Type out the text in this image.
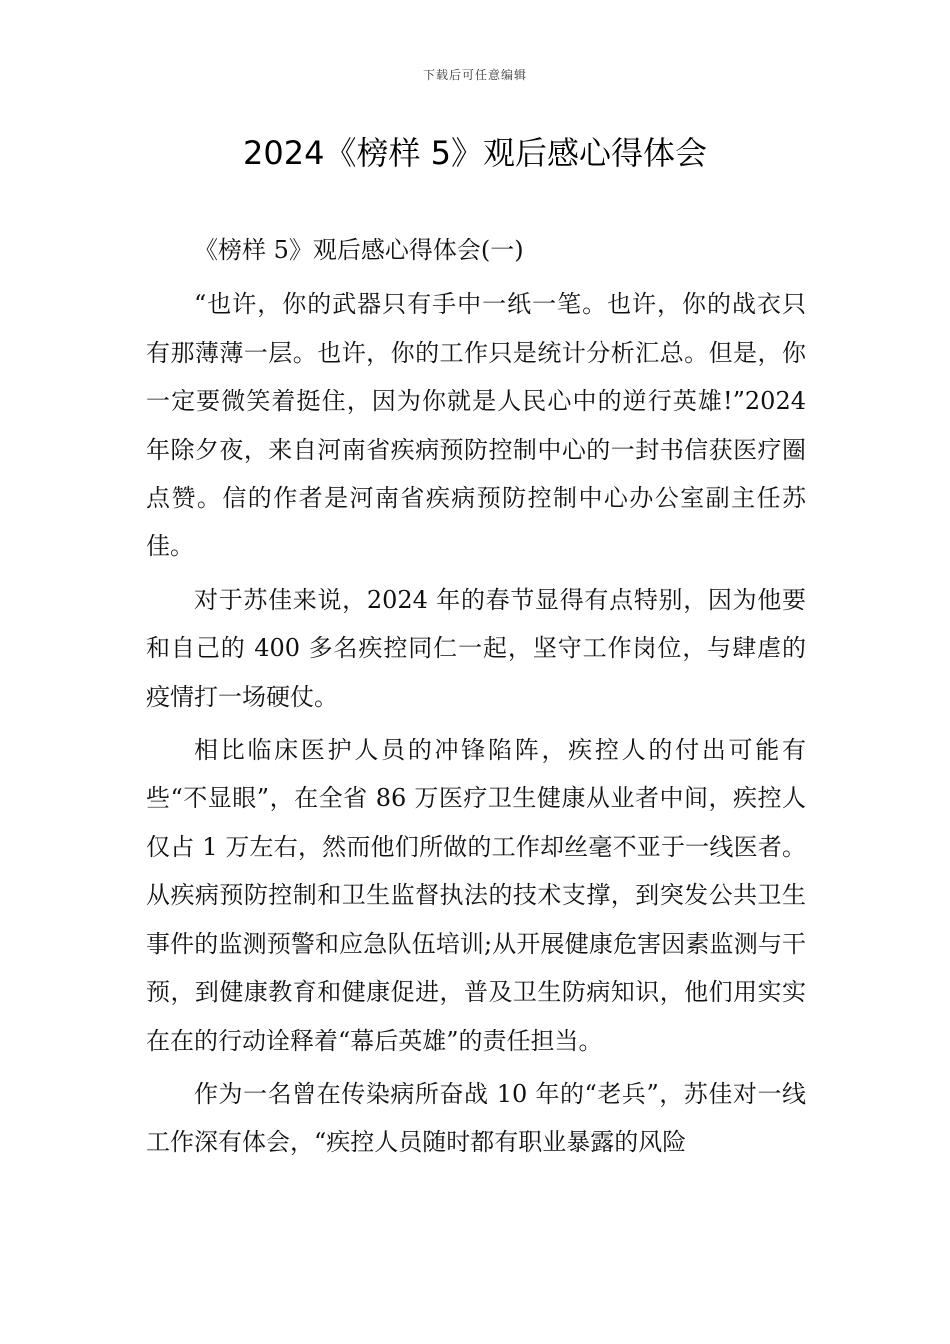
下载后可任意编辑
2024《榜样 5》观后感心得体会

《榜样 5》观后感心得体会(一)

“也许，你的武器只有手中一纸一笔。也许，你的战衣只有那薄薄一层。也许，你的工作只是统计分析汇总。但是，你一定要微笑着挺住，因为你就是人民心中的逆行英雄!”2024 年除夕夜，来自河南省疾病预防控制中心的一封书信获医疗圈点赞。信的作者是河南省疾病预防控制中心办公室副主任苏佳。

对于苏佳来说，2024 年的春节显得有点特别，因为他要和自己的 400 多名疾控同仁一起，坚守工作岗位，与肆虐的疫情打一场硬仗。

相比临床医护人员的冲锋陷阵，疾控人的付出可能有些“不显眼”，在全省 86 万医疗卫生健康从业者中间，疾控人仅占 1 万左右，然而他们所做的工作却丝毫不亚于一线医者。从疾病预防控制和卫生监督执法的技术支撑，到突发公共卫生事件的监测预警和应急队伍培训;从开展健康危害因素监测与干预，到健康教育和健康促进，普及卫生防病知识，他们用实实在在的行动诠释着“幕后英雄”的责任担当。

作为一名曾在传染病所奋战 10 年的“老兵”，苏佳对一线工作深有体会，“疾控人员随时都有职业暴露的风险
